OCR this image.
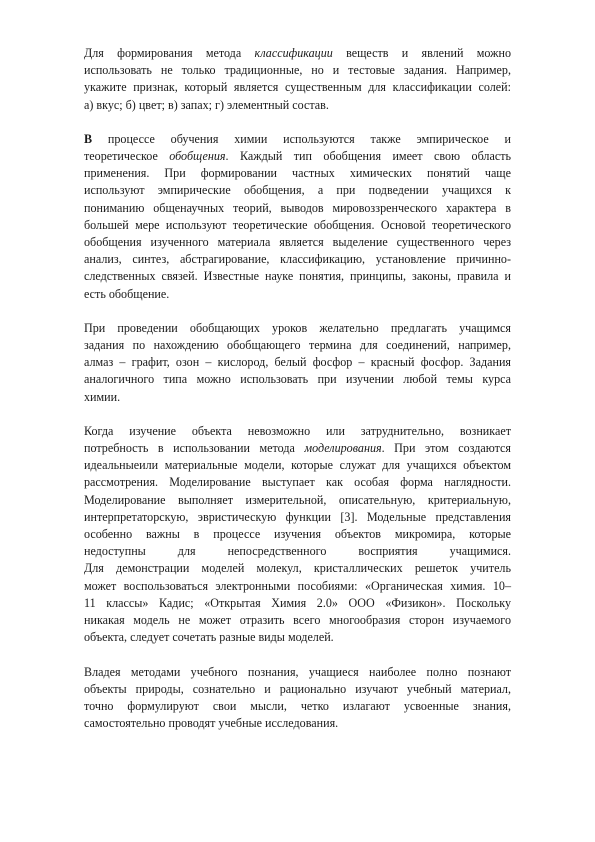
Для формирования метода классификации веществ и явлений можно
использовать не только традиционные, но и тестовые задания. Например,
укажите признак, который является существенным для классификации солей:
а) вкус; б) цвет; в) запах; г) элементный состав.

В процессе обучения химии используются также эмпирическое и
теоретическое обобщения. Каждый тип обобщения имеет свою область
применения. При формировании частных химических понятий чаще
используют эмпирические обобщения, а при подведении учащихся к
пониманию общенаучных теорий, выводов мировоззренческого характера в
большей мере используют теоретические обобщения. Основой теоретического
обобщения изученного материала является выделение существенного через
анализ, синтез, абстрагирование, классификацию, установление причинно-
следственных связей. Известные науке понятия, принципы, законы, правила и
есть обобщение.

При проведении обобщающих уроков желательно предлагать учащимся
задания по нахождению обобщающего термина для соединений, например,
алмаз – графит, озон – кислород, белый фосфор – красный фосфор. Задания
аналогичного типа можно использовать при изучении любой темы курса
химии.

Когда изучение объекта невозможно или затруднительно, возникает
потребность в использовании метода моделирования. При этом создаются
идеальныеили материальные модели, которые служат для учащихся объектом
рассмотрения. Моделирование выступает как особая форма наглядности.
Моделирование выполняет измерительной, описательную, критериальную,
интерпретаторскую, эвристическую функции [3]. Модельные представления
особенно важны в процессе изучения объектов микромира, которые
недоступны для непосредственного восприятия учащимися.
Для демонстрации моделей молекул, кристаллических решеток учитель
может воспользоваться электронными пособиями: «Органическая химия. 10–
11 классы» Кадис; «Открытая Химия 2.0» ООО «Физикон». Поскольку
никакая модель не может отразить всего многообразия сторон изучаемого
объекта, следует сочетать разные виды моделей.

Владея методами учебного познания, учащиеся наиболее полно познают
объекты природы, сознательно и рационально изучают учебный материал,
точно формулируют свои мысли, четко излагают усвоенные знания,
самостоятельно проводят учебные исследования.
